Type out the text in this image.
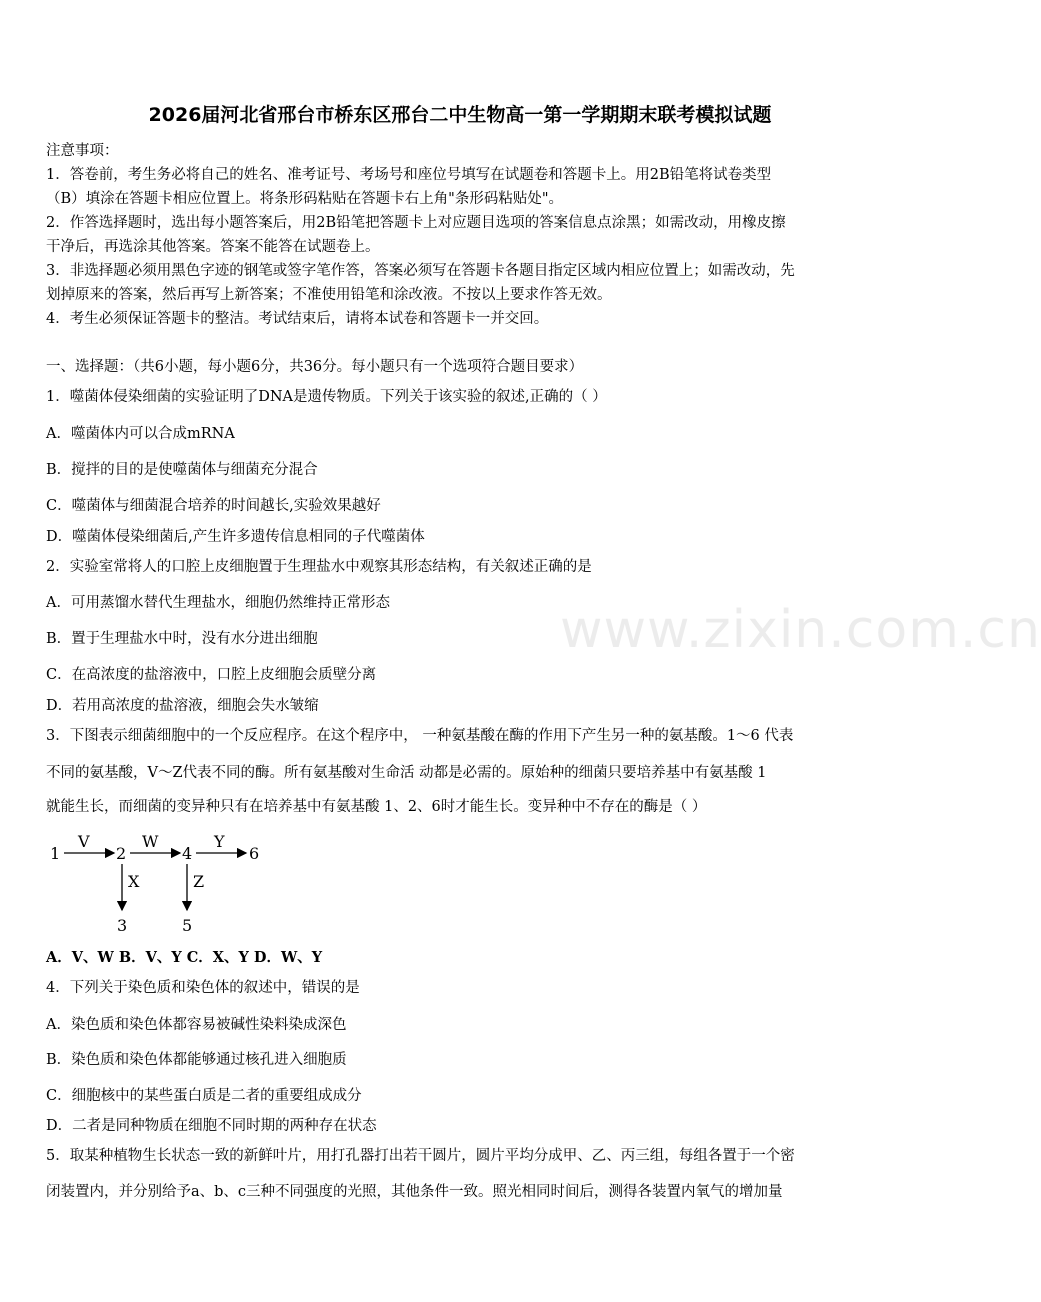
2026届河北省邢台市桥东区邢台二中生物高一第一学期期末联考模拟试题
注意事项：
1．答卷前，考生务必将自己的姓名、准考证号、考场号和座位号填写在试题卷和答题卡上。用2B铅笔将试卷类型
（B）填涂在答题卡相应位置上。将条形码粘贴在答题卡右上角"条形码粘贴处"。
2．作答选择题时，选出每小题答案后，用2B铅笔把答题卡上对应题目选项的答案信息点涂黑；如需改动，用橡皮擦
干净后，再选涂其他答案。答案不能答在试题卷上。
3．非选择题必须用黑色字迹的钢笔或签字笔作答，答案必须写在答题卡各题目指定区域内相应位置上；如需改动，先
划掉原来的答案，然后再写上新答案；不准使用铅笔和涂改液。不按以上要求作答无效。
4．考生必须保证答题卡的整洁。考试结束后，请将本试卷和答题卡一并交回。
一、选择题：（共6小题，每小题6分，共36分。每小题只有一个选项符合题目要求）
1．噬菌体侵染细菌的实验证明了DNA是遗传物质。下列关于该实验的叙述,正确的（ ）
A．噬菌体内可以合成mRNA
B．搅拌的目的是使噬菌体与细菌充分混合
C．噬菌体与细菌混合培养的时间越长,实验效果越好
D．噬菌体侵染细菌后,产生许多遗传信息相同的子代噬菌体
2．实验室常将人的口腔上皮细胞置于生理盐水中观察其形态结构，有关叙述正确的是
A．可用蒸馏水替代生理盐水，细胞仍然维持正常形态
B．置于生理盐水中时，没有水分进出细胞
C．在高浓度的盐溶液中，口腔上皮细胞会质壁分离
D．若用高浓度的盐溶液，细胞会失水皱缩
3．下图表示细菌细胞中的一个反应程序。在这个程序中， 一种氨基酸在酶的作用下产生另一种的氨基酸。1～6 代表
不同的氨基酸，V～Z代表不同的酶。所有氨基酸对生命活 动都是必需的。原始种的细菌只要培养基中有氨基酸 1
就能生长，而细菌的变异种只有在培养基中有氨基酸 1、2、6时才能生长。变异种中不存在的酶是（ ）
1
V
2
W
4
Y
6
X
3
Z
5
A．V、W B．V、Y C．X、Y D．W、Y
4．下列关于染色质和染色体的叙述中，错误的是
A．染色质和染色体都容易被碱性染料染成深色
B．染色质和染色体都能够通过核孔进入细胞质
C．细胞核中的某些蛋白质是二者的重要组成成分
D．二者是同种物质在细胞不同时期的两种存在状态
5．取某种植物生长状态一致的新鲜叶片，用打孔器打出若干圆片，圆片平均分成甲、乙、丙三组，每组各置于一个密
闭装置内，并分别给予a、b、c三种不同强度的光照，其他条件一致。照光相同时间后，测得各装置内氧气的增加量
www.zixin.com.cn
